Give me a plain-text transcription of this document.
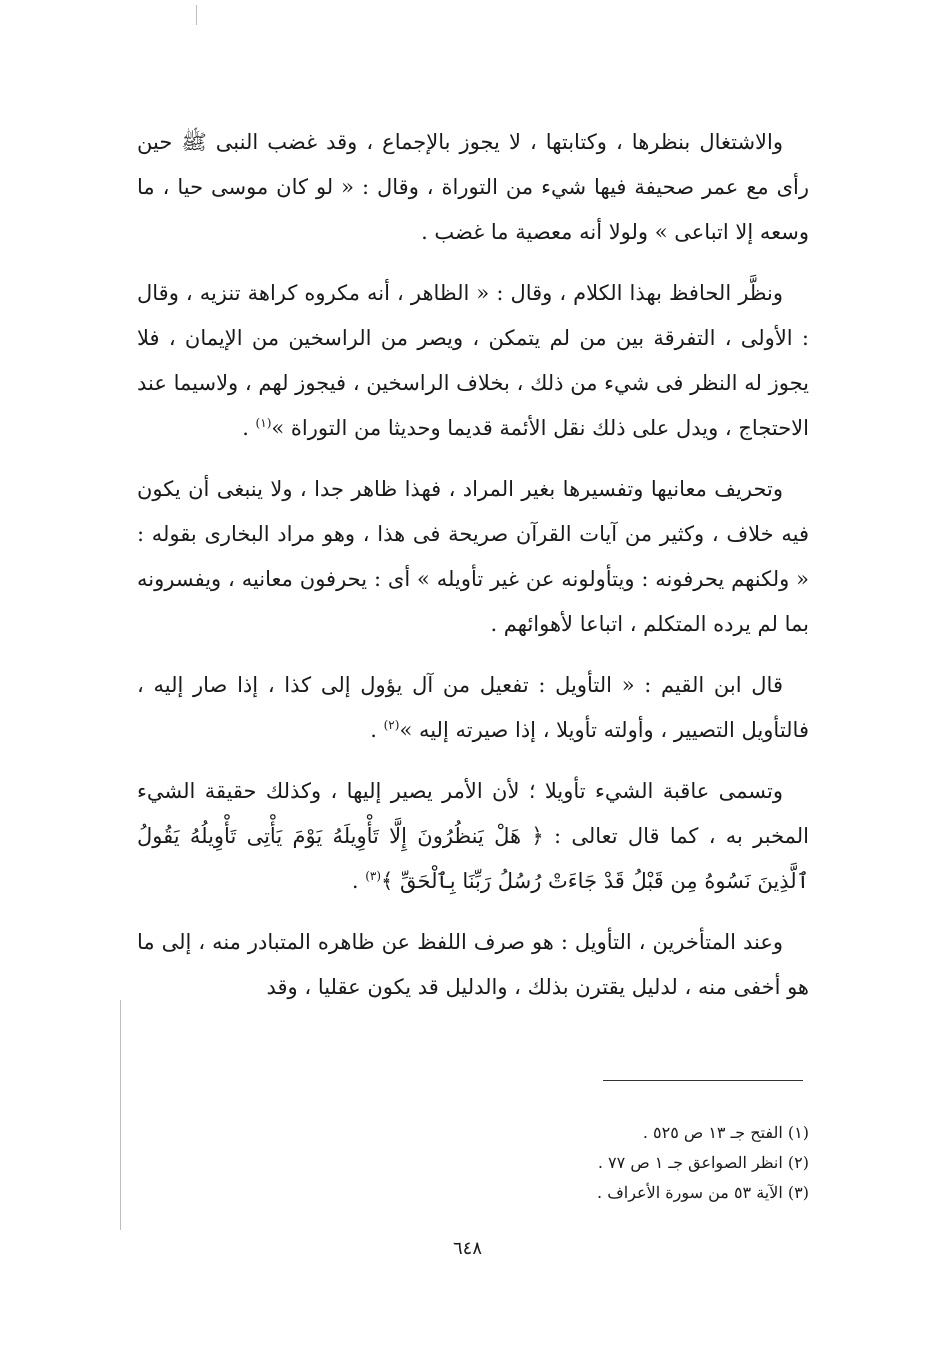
والاشتغال بنظرها ، وكتابتها ، لا يجوز بالإجماع ، وقد غضب النبى ﷺ حين رأى مع عمر صحيفة فيها شيء من التوراة ، وقال : « لو كان موسى حيا ، ما وسعه إلا اتباعى » ولولا أنه معصية ما غضب .

ونظَّر الحافظ بهذا الكلام ، وقال : « الظاهر ، أنه مكروه كراهة تنزيه ، وقال : الأولى ، التفرقة بين من لم يتمكن ، ويصر من الراسخين من الإيمان ، فلا يجوز له النظر فى شيء من ذلك ، بخلاف الراسخين ، فيجوز لهم ، ولاسيما عند الاحتجاج ، ويدل على ذلك نقل الأئمة قديما وحديثا من التوراة »$^{(١)}$ .

وتحريف معانيها وتفسيرها بغير المراد ، فهذا ظاهر جدا ، ولا ينبغى أن يكون فيه خلاف ، وكثير من آيات القرآن صريحة فى هذا ، وهو مراد البخارى بقوله : « ولكنهم يحرفونه : ويتأولونه عن غير تأويله » أى : يحرفون معانيه ، ويفسرونه بما لم يرده المتكلم ، اتباعا لأهوائهم .

قال ابن القيم : « التأويل : تفعيل من آل يؤول إلى كذا ، إذا صار إليه ، فالتأويل التصيير ، وأولته تأويلا ، إذا صيرته إليه »$^{(٢)}$ .

وتسمى عاقبة الشيء تأويلا ؛ لأن الأمر يصير إليها ، وكذلك حقيقة الشيء المخبر به ، كما قال تعالى : ﴿ هَلْ يَنظُرُونَ إِلَّا تَأْوِيلَهُ يَوْمَ يَأْتِى تَأْوِيلُهُ يَقُولُ ٱلَّذِينَ نَسُوهُ مِن قَبْلُ قَدْ جَاءَتْ رُسُلُ رَبِّنَا بِٱلْحَقِّ ﴾$^{(٣)}$ .

وعند المتأخرين ، التأويل : هو صرف اللفظ عن ظاهره المتبادر منه ، إلى ما هو أخفى منه ، لدليل يقترن بذلك ، والدليل قد يكون عقليا ، وقد

(١) الفتح جـ ١٣ ص ٥٢٥ .
(٢) انظر الصواعق جـ ١ ص ٧٧ .
(٣) الآية ٥٣ من سورة الأعراف .
٦٤٨
